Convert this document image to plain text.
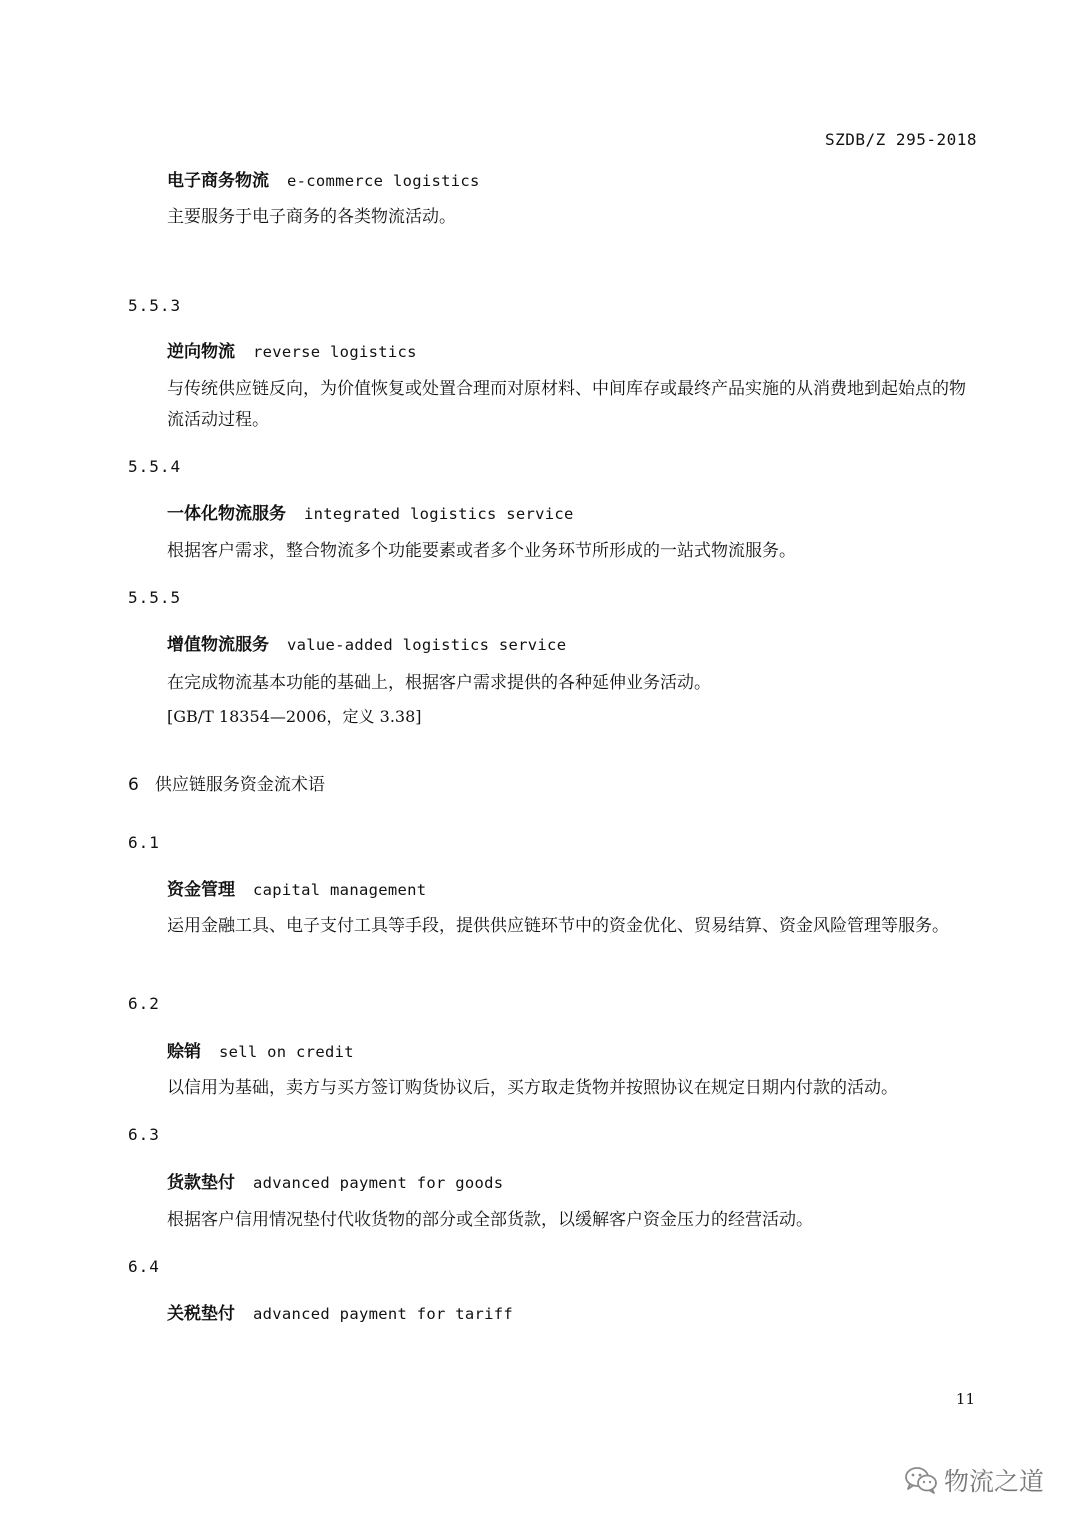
SZDB/Z 295-2018
电子商务物流 e-commerce logistics
主要服务于电子商务的各类物流活动。
5.5.3
逆向物流 reverse logistics
与传统供应链反向，为价值恢复或处置合理而对原材料、中间库存或最终产品实施的从消费地到起始点的物流活动过程。
5.5.4
一体化物流服务 integrated logistics service
根据客户需求，整合物流多个功能要素或者多个业务环节所形成的一站式物流服务。
5.5.5
增值物流服务 value-added logistics service
在完成物流基本功能的基础上，根据客户需求提供的各种延伸业务活动。
[GB/T 18354—2006，定义 3.38]
6 供应链服务资金流术语
6.1
资金管理 capital management
运用金融工具、电子支付工具等手段，提供供应链环节中的资金优化、贸易结算、资金风险管理等服务。
6.2
赊销 sell on credit
以信用为基础，卖方与买方签订购货协议后，买方取走货物并按照协议在规定日期内付款的活动。
6.3
货款垫付 advanced payment for goods
根据客户信用情况垫付代收货物的部分或全部货款，以缓解客户资金压力的经营活动。
6.4
关税垫付 advanced payment for tariff
11
物流之道
